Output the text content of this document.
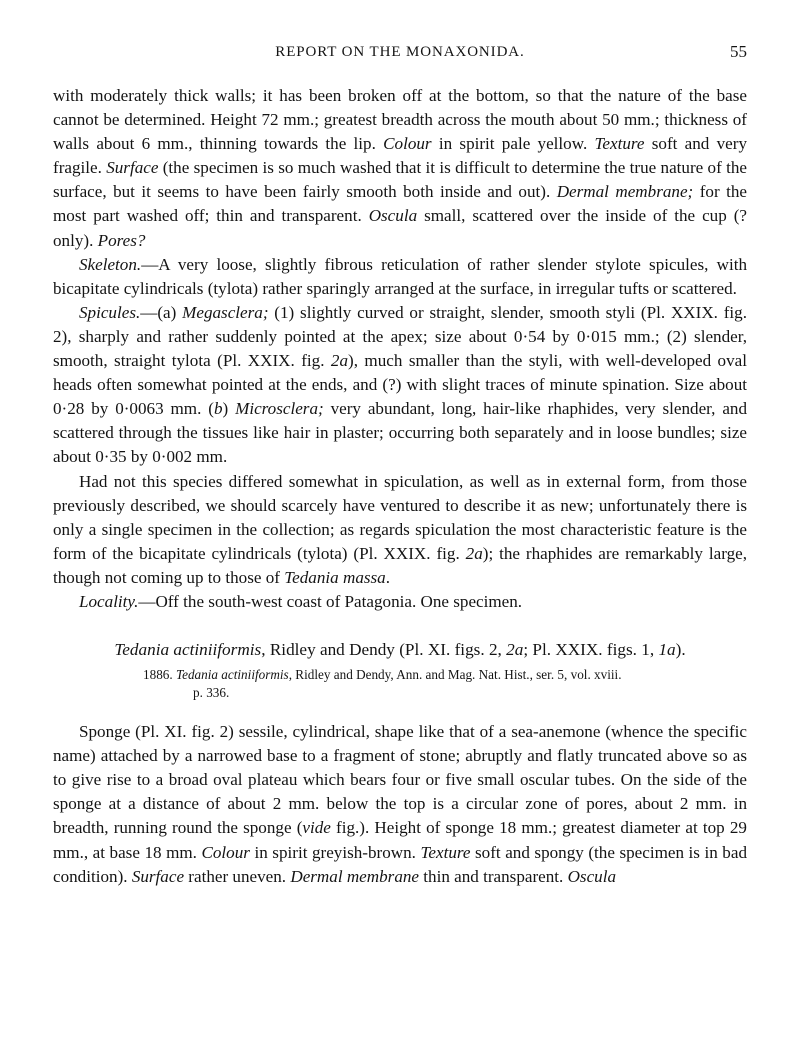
REPORT ON THE MONAXONIDA.	55

with moderately thick walls; it has been broken off at the bottom, so that the nature of the base cannot be determined. Height 72 mm.; greatest breadth across the mouth about 50 mm.; thickness of walls about 6 mm., thinning towards the lip. Colour in spirit pale yellow. Texture soft and very fragile. Surface (the specimen is so much washed that it is difficult to determine the true nature of the surface, but it seems to have been fairly smooth both inside and out). Dermal membrane; for the most part washed off; thin and transparent. Oscula small, scattered over the inside of the cup (? only). Pores?

Skeleton.—A very loose, slightly fibrous reticulation of rather slender stylote spicules, with bicapitate cylindricals (tylota) rather sparingly arranged at the surface, in irregular tufts or scattered.

Spicules.—(a) Megasclera; (1) slightly curved or straight, slender, smooth styli (Pl. XXIX. fig. 2), sharply and rather suddenly pointed at the apex; size about 0·54 by 0·015 mm.; (2) slender, smooth, straight tylota (Pl. XXIX. fig. 2a), much smaller than the styli, with well-developed oval heads often somewhat pointed at the ends, and (?) with slight traces of minute spination. Size about 0·28 by 0·0063 mm. (b) Microsclera; very abundant, long, hair-like rhaphides, very slender, and scattered through the tissues like hair in plaster; occurring both separately and in loose bundles; size about 0·35 by 0·002 mm.

Had not this species differed somewhat in spiculation, as well as in external form, from those previously described, we should scarcely have ventured to describe it as new; unfortunately there is only a single specimen in the collection; as regards spiculation the most characteristic feature is the form of the bicapitate cylindricals (tylota) (Pl. XXIX. fig. 2a); the rhaphides are remarkably large, though not coming up to those of Tedania massa.

Locality.—Off the south-west coast of Patagonia. One specimen.

Tedania actiniiformis, Ridley and Dendy (Pl. XI. figs. 2, 2a; Pl. XXIX. figs. 1, 1a).
1886. Tedania actiniiformis, Ridley and Dendy, Ann. and Mag. Nat. Hist., ser. 5, vol. xviii.
p. 336.

Sponge (Pl. XI. fig. 2) sessile, cylindrical, shape like that of a sea-anemone (whence the specific name) attached by a narrowed base to a fragment of stone; abruptly and flatly truncated above so as to give rise to a broad oval plateau which bears four or five small oscular tubes. On the side of the sponge at a distance of about 2 mm. below the top is a circular zone of pores, about 2 mm. in breadth, running round the sponge (vide fig.). Height of sponge 18 mm.; greatest diameter at top 29 mm., at base 18 mm. Colour in spirit greyish-brown. Texture soft and spongy (the specimen is in bad condition). Surface rather uneven. Dermal membrane thin and transparent. Oscula
